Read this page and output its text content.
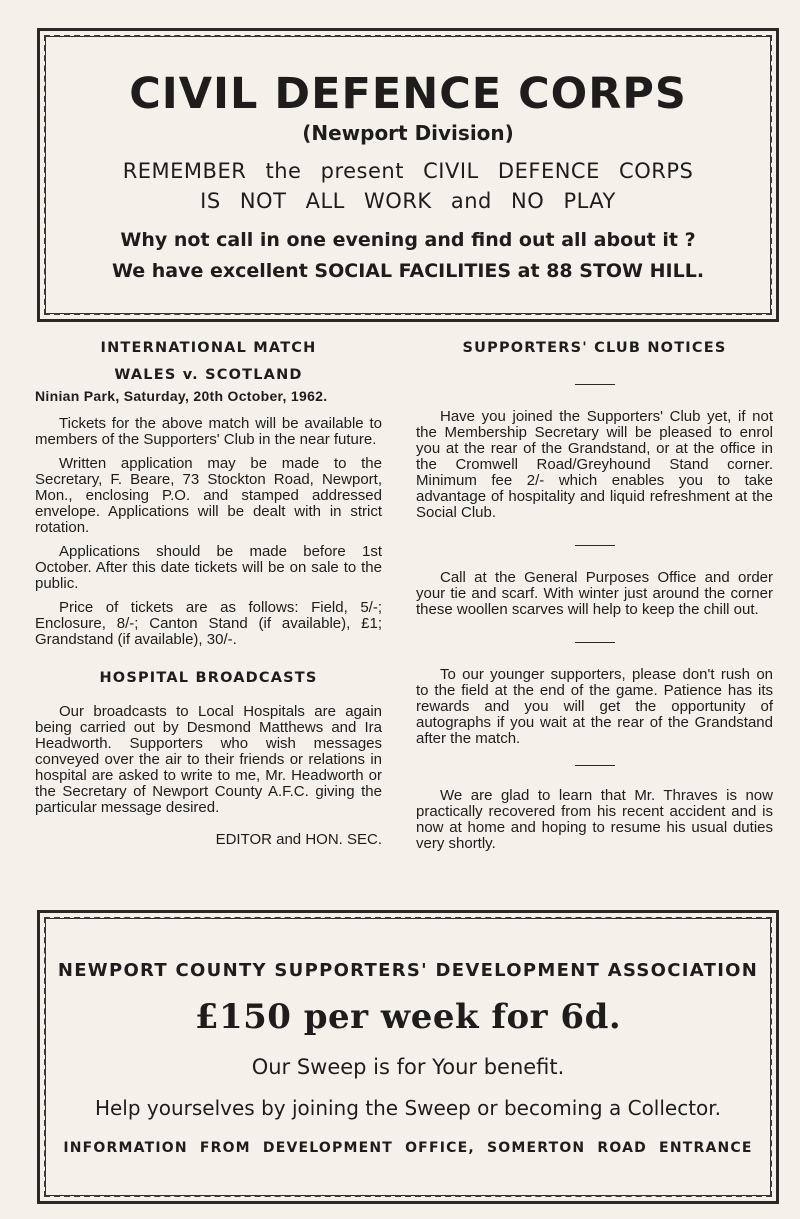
CIVIL DEFENCE CORPS
(Newport Division)
REMEMBER the present CIVIL DEFENCE CORPS
IS NOT ALL WORK and NO PLAY
Why not call in one evening and find out all about it ?
We have excellent SOCIAL FACILITIES at 88 STOW HILL.
INTERNATIONAL MATCH
WALES v. SCOTLAND
Ninian Park, Saturday, 20th October, 1962.

Tickets for the above match will be available to members of the Supporters' Club in the near future.

Written application may be made to the Secretary, F. Beare, 73 Stockton Road, Newport, Mon., enclosing P.O. and stamped addressed envelope. Applications will be dealt with in strict rotation.

Applications should be made before 1st October. After this date tickets will be on sale to the public.

Price of tickets are as follows: Field, 5/-; Enclosure, 8/-; Canton Stand (if available), £1; Grandstand (if available), 30/-.

HOSPITAL BROADCASTS

Our broadcasts to Local Hospitals are again being carried out by Desmond Matthews and Ira Headworth. Supporters who wish messages conveyed over the air to their friends or relations in hospital are asked to write to me, Mr. Headworth or the Secretary of Newport County A.F.C. giving the particular message desired.

EDITOR and HON. SEC.
SUPPORTERS' CLUB NOTICES

Have you joined the Supporters' Club yet, if not the Membership Secretary will be pleased to enrol you at the rear of the Grandstand, or at the office in the Cromwell Road/Greyhound Stand corner. Minimum fee 2/- which enables you to take advantage of hospitality and liquid refreshment at the Social Club.

Call at the General Purposes Office and order your tie and scarf. With winter just around the corner these woollen scarves will help to keep the chill out.

To our younger supporters, please don't rush on to the field at the end of the game. Patience has its rewards and you will get the opportunity of autographs if you wait at the rear of the Grandstand after the match.

We are glad to learn that Mr. Thraves is now practically recovered from his recent accident and is now at home and hoping to resume his usual duties very shortly.

NEWPORT COUNTY SUPPORTERS' DEVELOPMENT ASSOCIATION
£150 per week for 6d.
Our Sweep is for Your benefit.
Help yourselves by joining the Sweep or becoming a Collector.
INFORMATION FROM DEVELOPMENT OFFICE, SOMERTON ROAD ENTRANCE
